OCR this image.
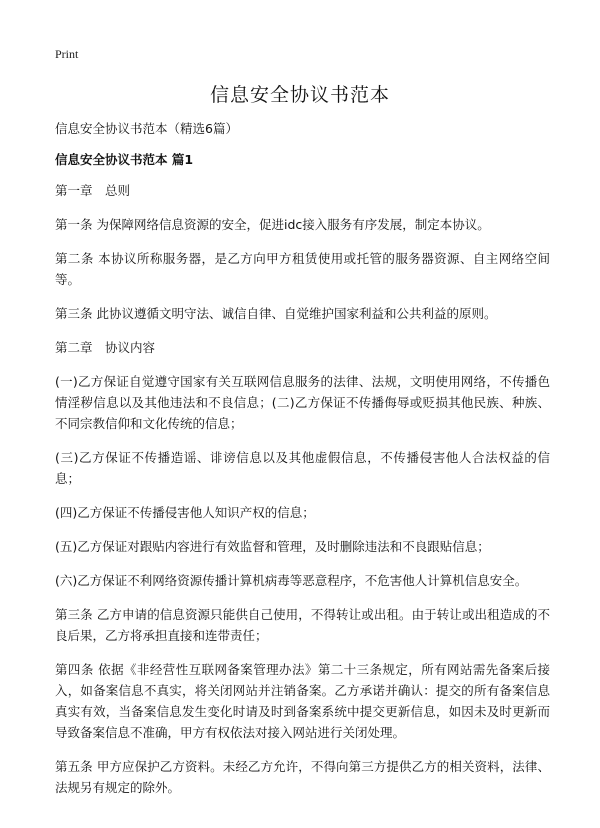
Print
信息安全协议书范本

信息安全协议书范本（精选6篇）

信息安全协议书范本 篇1

第一章　总则

第一条 为保障网络信息资源的安全，促进idc接入服务有序发展，制定本协议。

第二条 本协议所称服务器，是乙方向甲方租赁使用或托管的服务器资源、自主网络空间等。

第三条 此协议遵循文明守法、诚信自律、自觉维护国家利益和公共利益的原则。

第二章　协议内容

(一)乙方保证自觉遵守国家有关互联网信息服务的法律、法规，文明使用网络，不传播色情淫秽信息以及其他违法和不良信息；(二)乙方保证不传播侮辱或贬损其他民族、种族、不同宗教信仰和文化传统的信息；

(三)乙方保证不传播造谣、诽谤信息以及其他虚假信息，不传播侵害他人合法权益的信息；

(四)乙方保证不传播侵害他人知识产权的信息；

(五)乙方保证对跟贴内容进行有效监督和管理，及时删除违法和不良跟贴信息；

(六)乙方保证不利网络资源传播计算机病毒等恶意程序，不危害他人计算机信息安全。

第三条 乙方申请的信息资源只能供自己使用，不得转让或出租。由于转让或出租造成的不良后果，乙方将承担直接和连带责任；

第四条 依据《非经营性互联网备案管理办法》第二十三条规定，所有网站需先备案后接入，如备案信息不真实，将关闭网站并注销备案。乙方承诺并确认：提交的所有备案信息真实有效，当备案信息发生变化时请及时到备案系统中提交更新信息，如因未及时更新而导致备案信息不准确，甲方有权依法对接入网站进行关闭处理。

第五条 甲方应保护乙方资料。未经乙方允许，不得向第三方提供乙方的相关资料，法律、法规另有规定的除外。
